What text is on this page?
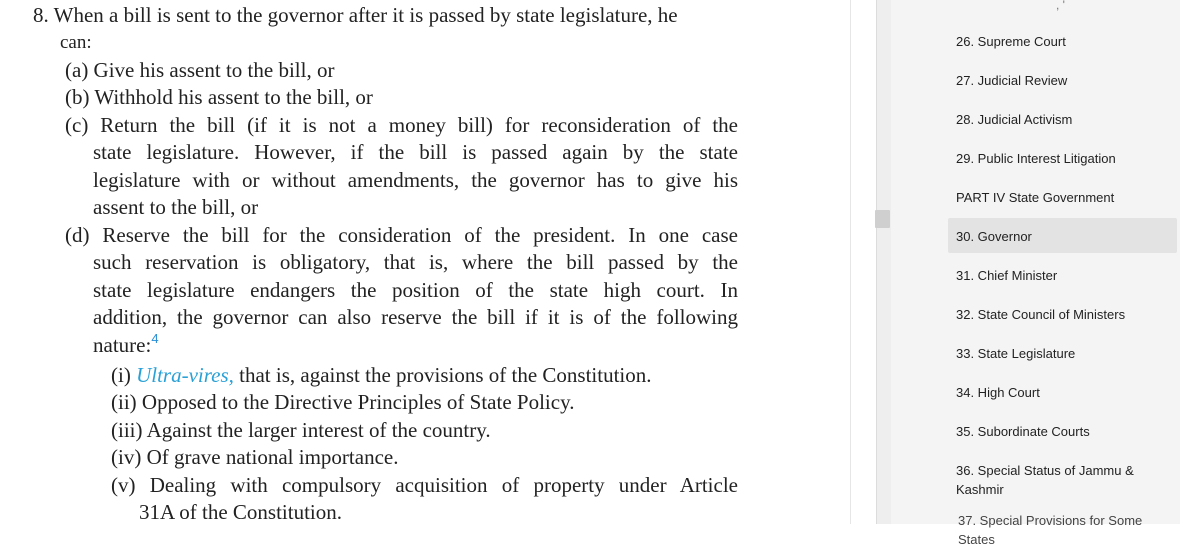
8. When a bill is sent to the governor after it is passed by state legislature, he
can:
(a) Give his assent to the bill, or
(b) Withhold his assent to the bill, or
(c) Return the bill (if it is not a money bill) for reconsideration of the
state legislature. However, if the bill is passed again by the state
legislature with or without amendments, the governor has to give his
assent to the bill, or
(d) Reserve the bill for the consideration of the president. In one case
such reservation is obligatory, that is, where the bill passed by the
state legislature endangers the position of the state high court. In
addition, the governor can also reserve the bill if it is of the following
nature:$^4$
(i) Ultra-vires, that is, against the provisions of the Constitution.
(ii) Opposed to the Directive Principles of State Policy.
(iii) Against the larger interest of the country.
(iv) Of grave national importance.
(v) Dealing with compulsory acquisition of property under Article
31A of the Constitution.
, '
26. Supreme Court
27. Judicial Review
28. Judicial Activism
29. Public Interest Litigation
PART IV State Government
30. Governor
31. Chief Minister
32. State Council of Ministers
33. State Legislature
34. High Court
35. Subordinate Courts
36. Special Status of Jammu &
Kashmir
37. Special Provisions for Some States
